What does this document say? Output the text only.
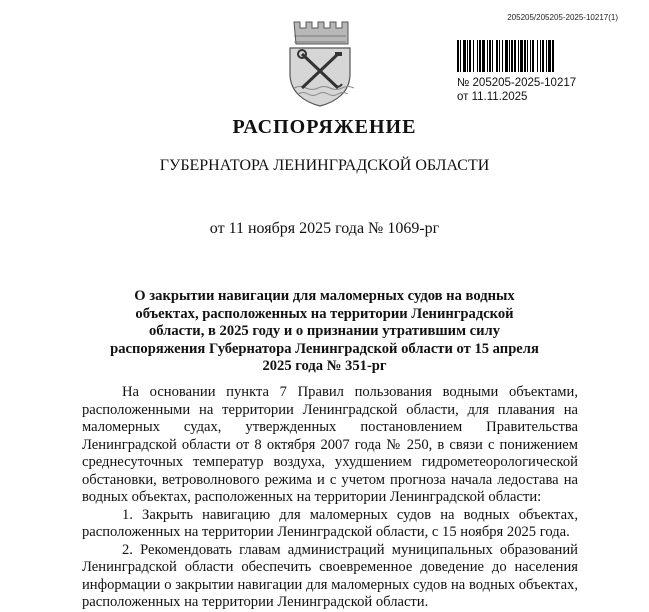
205205/205205-2025-10217(1)
№ 205205-2025-10217
от 11.11.2025
РАСПОРЯЖЕНИЕ
ГУБЕРНАТОРА ЛЕНИНГРАДСКОЙ ОБЛАСТИ
от 11 ноября 2025 года № 1069-рг
О закрытии навигации для маломерных судов на водных объектах, расположенных на территории Ленинградской области, в 2025 году и о признании утратившим силу распоряжения Губернатора Ленинградской области от 15 апреля 2025 года № 351-рг

На основании пункта 7 Правил пользования водными объектами, расположенными на территории Ленинградской области, для плавания на маломерных судах, утвержденных постановлением Правительства Ленинградской области от 8 октября 2007 года № 250, в связи с понижением среднесуточных температур воздуха, ухудшением гидрометеорологической обстановки, ветроволнового режима и с учетом прогноза начала ледостава на водных объектах, расположенных на территории Ленинградской области:

1. Закрыть навигацию для маломерных судов на водных объектах, расположенных на территории Ленинградской области, с 15 ноября 2025 года.

2. Рекомендовать главам администраций муниципальных образований Ленинградской области обеспечить своевременное доведение до населения информации о закрытии навигации для маломерных судов на водных объектах, расположенных на территории Ленинградской области.
